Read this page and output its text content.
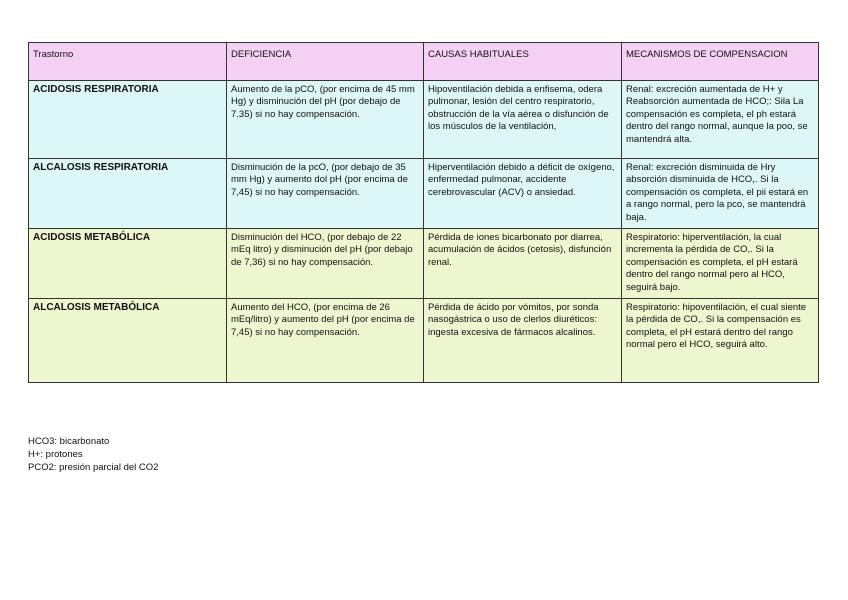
Trastorno	DEFICIENCIA	CAUSAS HABITUALES	MECANISMOS DE COMPENSACION
ACIDOSIS RESPIRATORIA	Aumento de la pCO, (por encima de 45 mm Hg) y disminución del pH (por debajo de 7.35) si no hay compensación.	Hipoventilación debida a enfisema, odera pulmonar, lesión del centro respiratorio, obstrucción de la vía aérea o disfunción de los músculos de la ventilación,	Renal: excreción aumentada de H+ y Reabsorción aumentada de HCO;: Sila La compensación es completa, el ph estará dentro del rango normal, aunque la poo, se mantendrá alta.
ALCALOSIS RESPIRATORIA	Disminución de la pcO, (por debajo de 35 mm Hg) y aumento dol pH (por encima de 7,45) si no hay compensación.	Hiperventilación debido a déficit de oxígeno, enfermedad pulmonar, accidente cerebrovascular (ACV) o ansiedad.	Renal: excreción disminuida de Hry absorción disminuida de HCO,. Si la compensación os completa, el pii estará en a rango normal, pero la pco, se mantendrá baja.
ACIDOSIS METABÓLICA	Disminución del HCO, (por debajo de 22 mEq litro) y disminución del pH (por debajo de 7,36) si no hay compensación.	Pérdida de iones bicarbonato por diarrea, acumulación de ácidos (cetosis), disfunción renal.	Respiratorio: hiperventilación, la cual incrementa la pérdida de CO,. Si la compensación es completa, el pH estará dentro del rango normal pero al HCO, seguirá bajo.
ALCALOSIS METABÓLICA	Aumento del HCO, (por encima de 26 mEq/litro) y aumento del pH (por encima de 7,45) si no hay compensación.	Pérdida de ácido por vómitos, por sonda nasogástrica o uso de clerlos diuréticos: ingesta excesiva de fármacos alcalinos.	Respiratorio: hipoventilación, el cual siente la pérdida de CO,. Si la compensación es completa, el pH estará dentro del rango normal pero el HCO, seguirá alto.
HCO3: bicarbonato
H+: protones
PCO2: presión parcial del CO2
